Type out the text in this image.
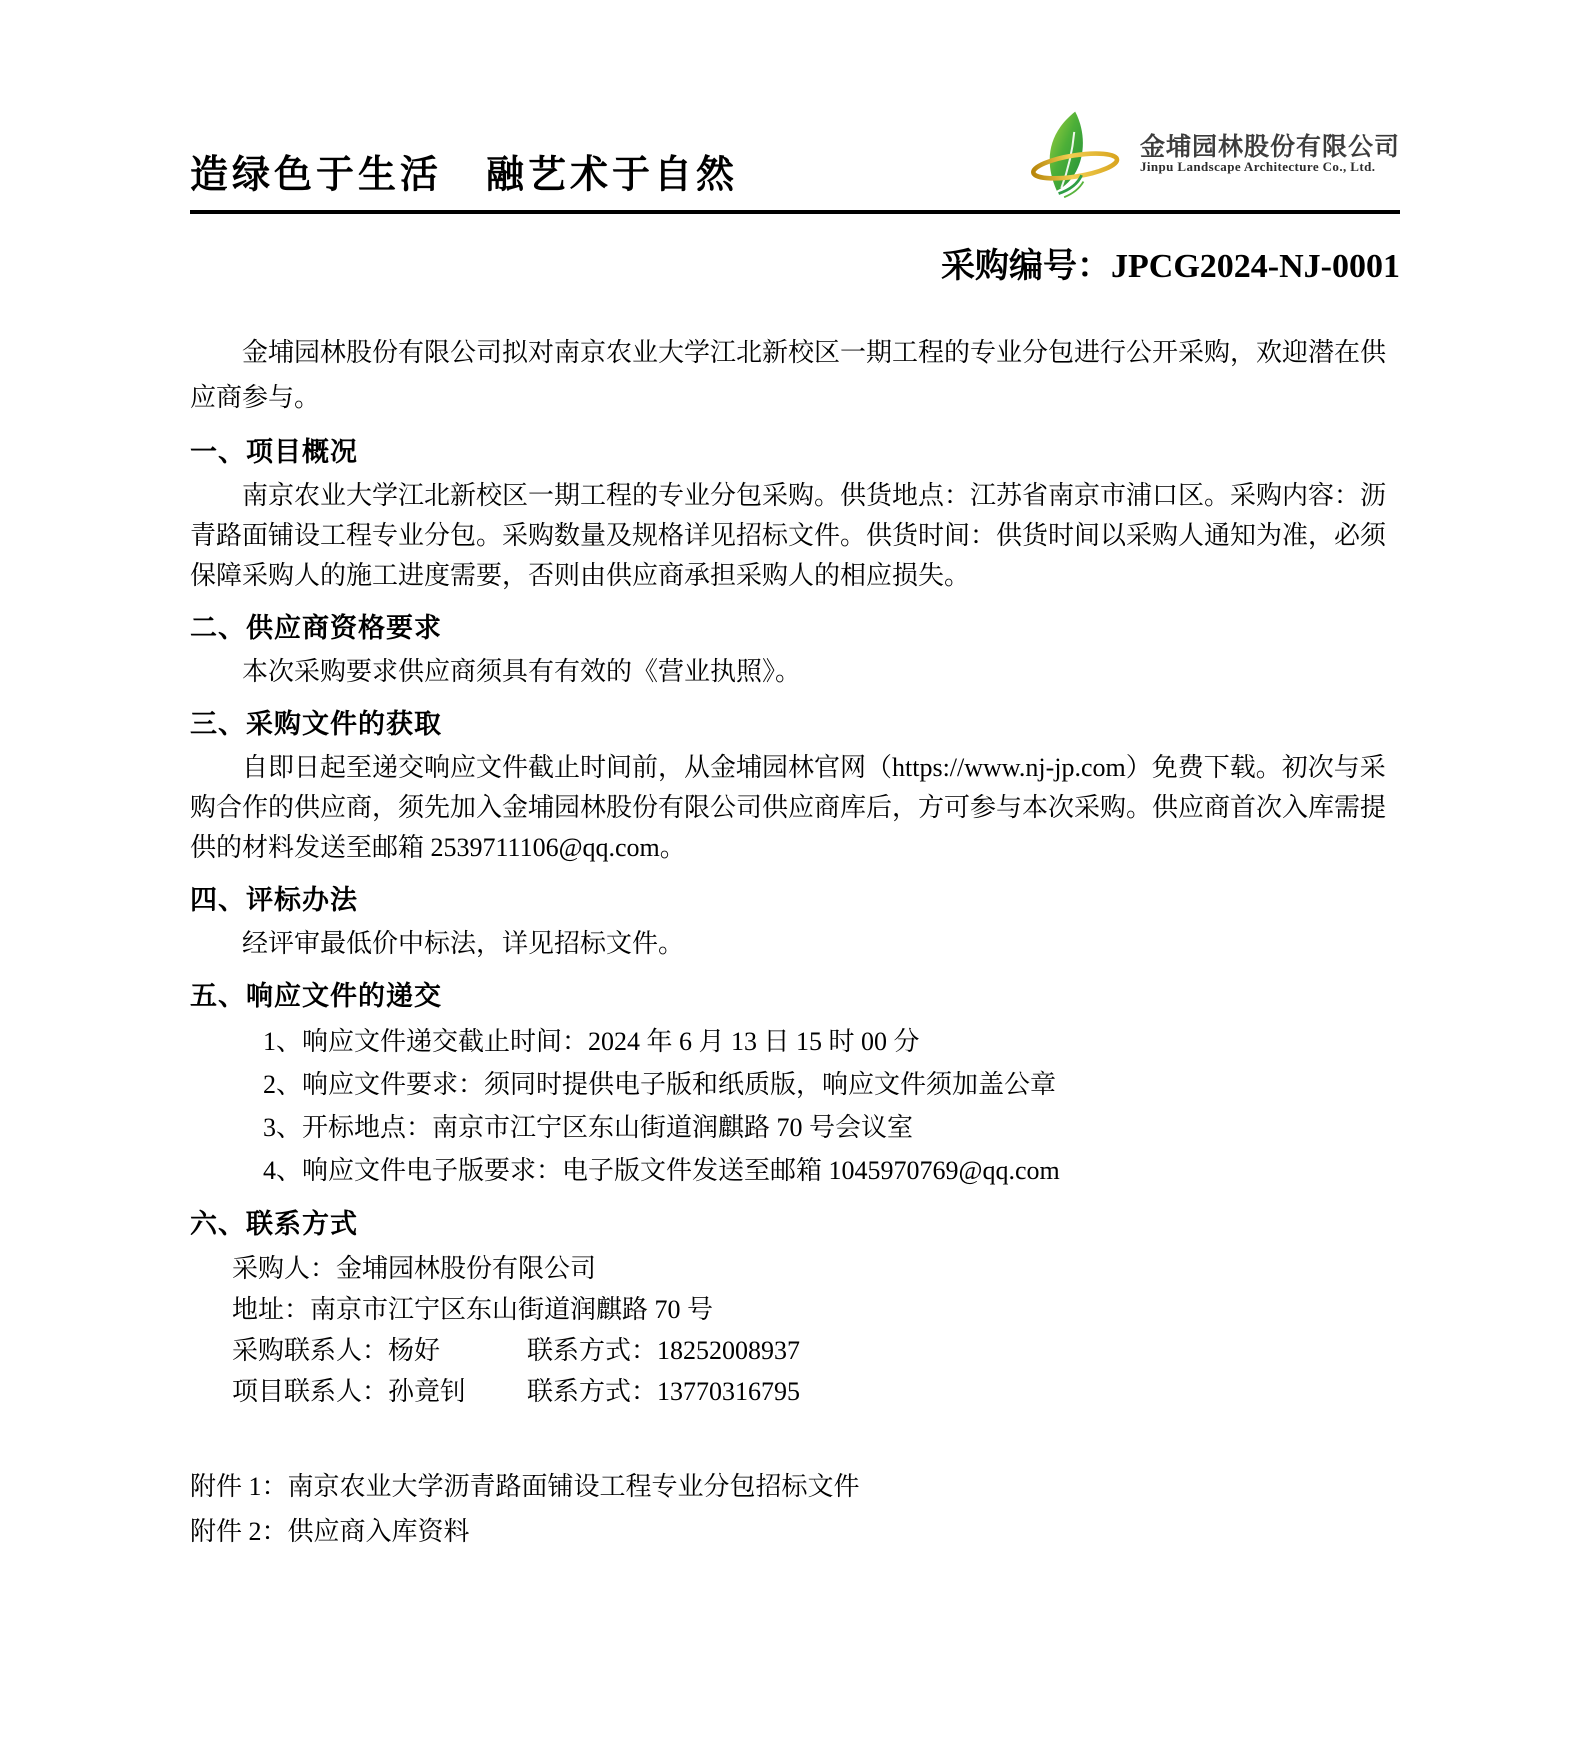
造绿色于生活 融艺术于自然
金埔园林股份有限公司
Jinpu Landscape Architecture Co., Ltd.
采购编号：JPCG2024-NJ-0001

金埔园林股份有限公司拟对南京农业大学江北新校区一期工程的专业分包进行公开采购，欢迎潜在供应商参与。

一、项目概况

南京农业大学江北新校区一期工程的专业分包采购。供货地点：江苏省南京市浦口区。采购内容：沥青路面铺设工程专业分包。采购数量及规格详见招标文件。供货时间：供货时间以采购人通知为准，必须保障采购人的施工进度需要，否则由供应商承担采购人的相应损失。

二、供应商资格要求

本次采购要求供应商须具有有效的《营业执照》。

三、采购文件的获取

自即日起至递交响应文件截止时间前，从金埔园林官网（https://www.nj-jp.com）免费下载。初次与采购合作的供应商，须先加入金埔园林股份有限公司供应商库后，方可参与本次采购。供应商首次入库需提供的材料发送至邮箱 2539711106@qq.com。

四、评标办法

经评审最低价中标法，详见招标文件。

五、响应文件的递交

1、响应文件递交截止时间：2024 年 6 月 13 日 15 时 00 分

2、响应文件要求：须同时提供电子版和纸质版，响应文件须加盖公章

3、开标地点：南京市江宁区东山街道润麒路 70 号会议室

4、响应文件电子版要求：电子版文件发送至邮箱 1045970769@qq.com

六、联系方式

采购人：金埔园林股份有限公司

地址：南京市江宁区东山街道润麒路 70 号

采购联系人：杨好	联系方式：18252008937

项目联系人：孙竟钊 联系方式：13770316795

附件 1：南京农业大学沥青路面铺设工程专业分包招标文件

附件 2：供应商入库资料
